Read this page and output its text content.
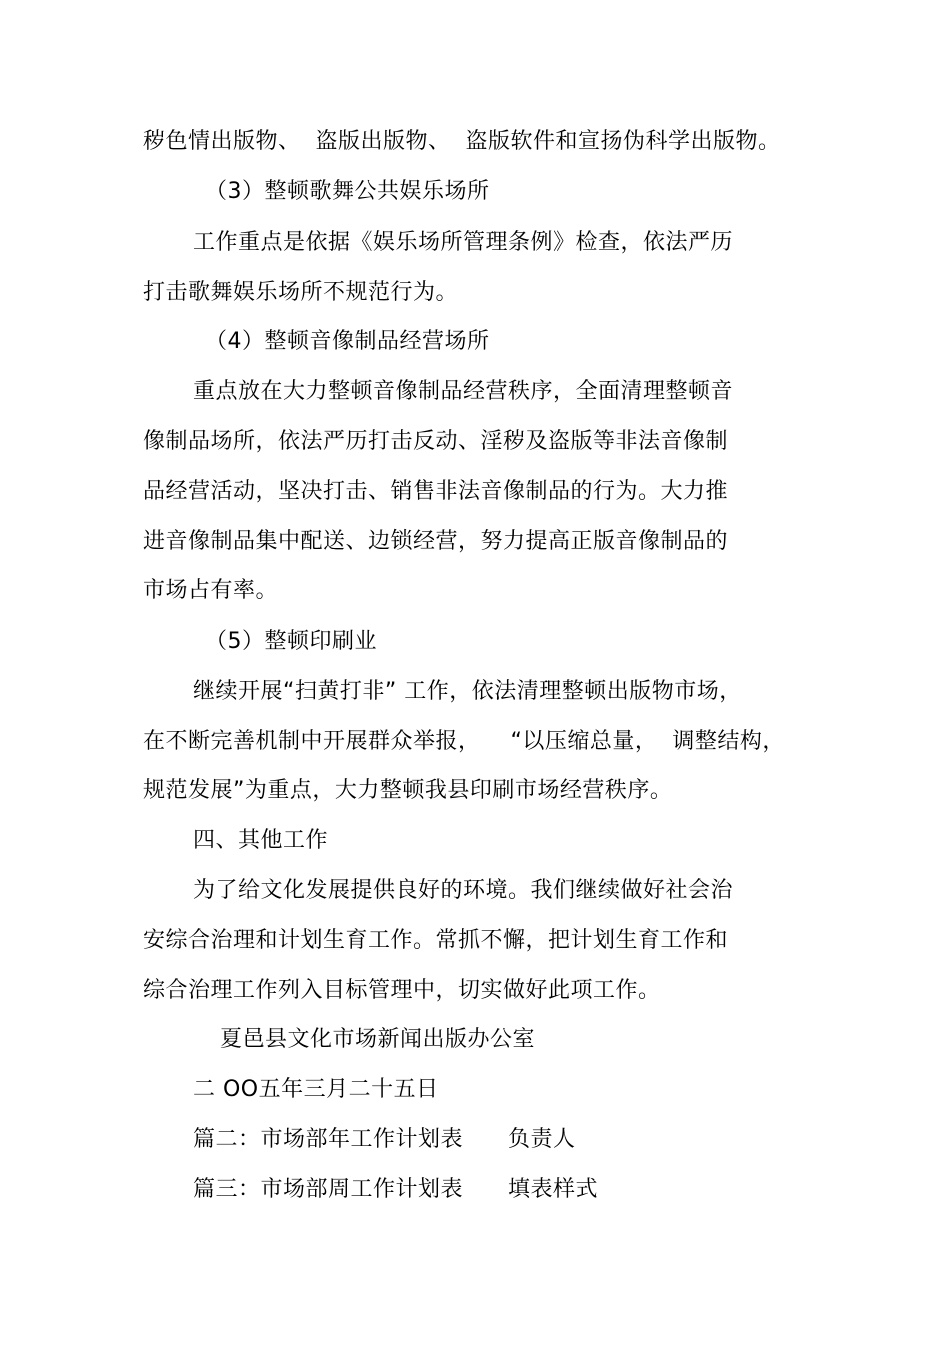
秽色情出版物、  盗版出版物、  盗版软件和宣扬伪科学出版物。
（3）整顿歌舞公共娱乐场所
工作重点是依据《娱乐场所管理条例》检查，依法严历
打击歌舞娱乐场所不规范行为。
（4）整顿音像制品经营场所
重点放在大力整顿音像制品经营秩序，全面清理整顿音
像制品场所，依法严历打击反动、淫秽及盗版等非法音像制
品经营活动，坚决打击、销售非法音像制品的行为。大力推
进音像制品集中配送、边锁经营，努力提高正版音像制品的
市场占有率。
（5）整顿印刷业
继续开展“扫黄打非” 工作，依法清理整顿出版物市场，
在不断完善机制中开展群众举报，    “以压缩总量，  调整结构，
规范发展”为重点，大力整顿我县印刷市场经营秩序。
四、其他工作
为了给文化发展提供良好的环境。我们继续做好社会治
安综合治理和计划生育工作。常抓不懈，把计划生育工作和
综合治理工作列入目标管理中，切实做好此项工作。
夏邑县文化市场新闻出版办公室
二 OO五年三月二十五日
篇二：市场部年工作计划表      负责人
篇三：市场部周工作计划表      填表样式
